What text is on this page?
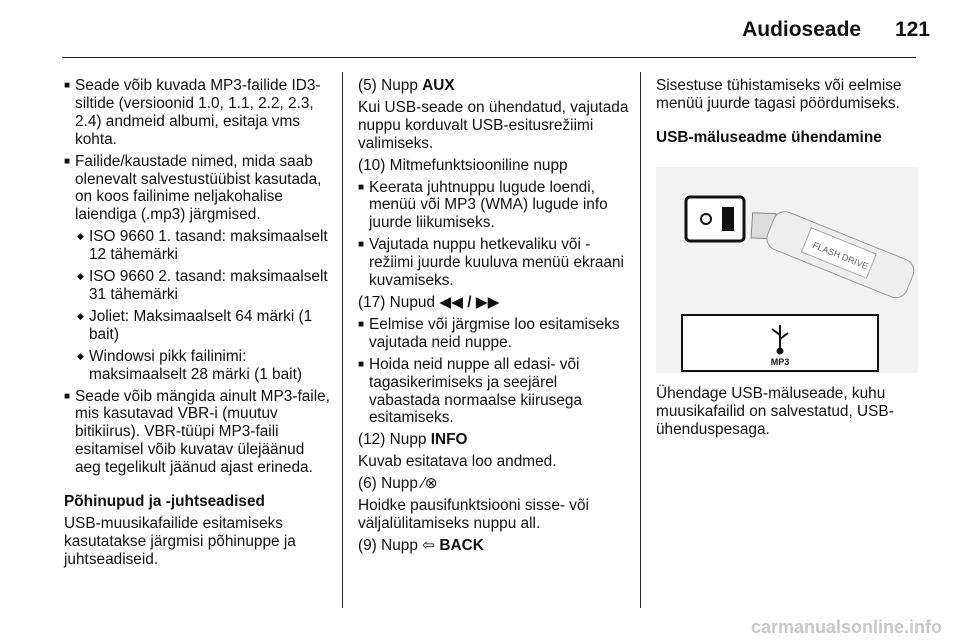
Audioseade 121
■ Seade võib kuvada MP3-failide ID3-siltide (versioonid 1.0, 1.1, 2.2, 2.3, 2.4) andmeid albumi, esitaja vms kohta.
■ Failide/kaustade nimed, mida saab olenevalt salvestustüübist kasutada, on koos failinime neljakohalise laiendiga (.mp3) järgmised.
◆ ISO 9660 1. tasand: maksimaalselt 12 tähemärki
◆ ISO 9660 2. tasand: maksimaalselt 31 tähemärki
◆ Joliet: Maksimaalselt 64 märki (1 bait)
◆ Windowsi pikk failinimi: maksimaalselt 28 märki (1 bait)
■ Seade võib mängida ainult MP3-faile, mis kasutavad VBR-i (muutuv bitikiirus). VBR-tüüpi MP3-faili esitamisel võib kuvatav ülejäänud aeg tegelikult jäänud ajast erineda.
Põhinupud ja -juhtseadised
USB-muusikafailide esitamiseks kasutatakse järgmisi põhinuppe ja juhtseadiseid.
(5) Nupp AUX
Kui USB-seade on ühendatud, vajutada nuppu korduvalt USB-esitusrežiimi valimiseks.
(10) Mitmefunktsiooniline nupp
■ Keerata juhtnuppu lugude loendi, menüü või MP3 (WMA) lugude info juurde liikumiseks.
■ Vajutada nuppu hetkevaliku või -režiimi juurde kuuluva menüü ekraani kuvamiseks.
(17) Nupud ◀◀ / ▶▶
■ Eelmise või järgmise loo esitamiseks vajutada neid nuppe.
■ Hoida neid nuppe all edasi- või tagasikerimiseks ja seejärel vabastada normaalse kiirusega esitamiseks.
(12) Nupp INFO
Kuvab esitatava loo andmed.
(6) Nupp ⁄⊗
Hoidke pausifunktsiooni sisse- või väljalülitamiseks nuppu all.
(9) Nupp ⇦ BACK
Sisestuse tühistamiseks või eelmise menüü juurde tagasi pöördumiseks.
USB-mäluseadme ühendamine
FLASH DRIVE
MP3
Ühendage USB-mäluseade, kuhu muusikafailid on salvestatud, USB-ühenduspesaga.
carmanualsonline.info
